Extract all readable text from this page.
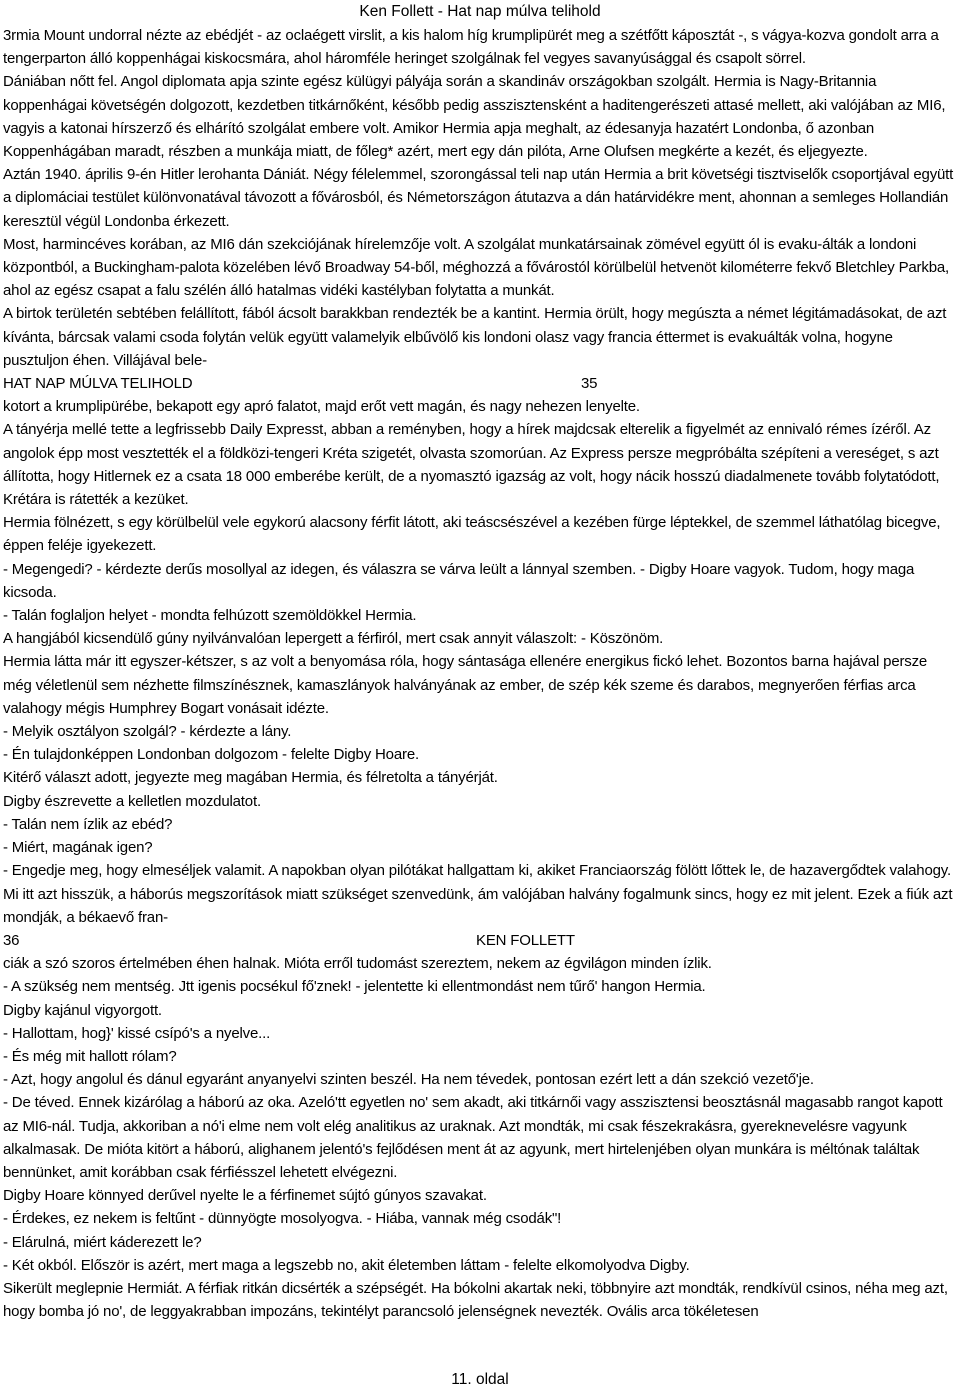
Ken Follett - Hat nap múlva telihold

3rmia Mount undorral nézte az ebédjét - az oclaégett virslit, a kis halom híg krumplipürét meg a szétfőtt káposztát -, s vágya-kozva gondolt arra a tengerparton álló koppenhágai kiskocsmára, ahol háromféle heringet szolgálnak fel vegyes savanyúsággal és csapolt sörrel.

Dániában nőtt fel. Angol diplomata apja szinte egész külügyi pályája során a skandináv országokban szolgált. Hermia is Nagy-Britannia koppenhágai követségén dolgozott, kezdetben titkárnőként, később pedig asszisztensként a haditengerészeti attasé mellett, aki valójában az MI6, vagyis a katonai hírszerző és elhárító szolgálat embere volt. Amikor Hermia apja meghalt, az édesanyja hazatért Londonba, ő azonban Koppenhágában maradt, részben a munkája miatt, de főleg* azért, mert egy dán pilóta, Arne Olufsen megkérte a kezét, és eljegyezte.

Aztán 1940. április 9-én Hitler lerohanta Dániát. Négy félelemmel, szorongással teli nap után Hermia a brit követségi tisztviselők csoportjával együtt a diplomáciai testület különvonatával távozott a fővárosból, és Németországon átutazva a dán határvidékre ment, ahonnan a semleges Hollandián keresztül végül Londonba érkezett.

Most, harmincéves korában, az MI6 dán szekciójának hírelemzője volt. A szolgálat munkatársainak zömével együtt ól is evaku-álták a londoni központból, a Buckingham-palota közelében lévő Broadway 54-ből, méghozzá a fővárostól körülbelül hetvenöt kilométerre fekvő Bletchley Parkba, ahol az egész csapat a falu szélén álló hatalmas vidéki kastélyban folytatta a munkát.

A birtok területén sebtében felállított, fából ácsolt barakkban rendezték be a kantint. Hermia örült, hogy megúszta a német légitámadásokat, de azt kívánta, bárcsak valami csoda folytán velük együtt valamelyik elbűvölő kis londoni olasz vagy francia éttermet is evakuálták volna, hogyne pusztuljon éhen. Villájával bele-

HAT NAP MÚLVA TELIHOLD	35

kotort a krumplipürébe, bekapott egy apró falatot, majd erőt vett magán, és nagy nehezen lenyelte.

A tányérja mellé tette a legfrissebb Daily Expresst, abban a reményben, hogy a hírek majdcsak elterelik a figyelmét az ennivaló rémes ízéről. Az angolok épp most vesztették el a földközi-tengeri Kréta szigetét, olvasta szomorúan. Az Express persze megpróbálta szépíteni a vereséget, s azt állította, hogy Hitlernek ez a csata 18 000 emberébe került, de a nyomasztó igazság az volt, hogy nácik hosszú diadalmenete tovább folytatódott, Krétára is rátették a kezüket.

Hermia fölnézett, s egy körülbelül vele egykorú alacsony férfit látott, aki teáscsészével a kezében fürge léptekkel, de szemmel láthatólag bicegve, éppen feléje igyekezett.

- Megengedi? - kérdezte derűs mosollyal az idegen, és válaszra se várva leült a lánnyal szemben. - Digby Hoare vagyok. Tudom, hogy maga kicsoda.

- Talán foglaljon helyet - mondta felhúzott szemöldökkel Hermia.

A hangjából kicsendülő gúny nyilvánvalóan lepergett a férfiról, mert csak annyit válaszolt: - Köszönöm.

Hermia látta már itt egyszer-kétszer, s az volt a benyomása róla, hogy sántasága ellenére energikus fickó lehet. Bozontos barna hajával persze még véletlenül sem nézhette filmszínésznek, kamaszlányok halványának az ember, de szép kék szeme és darabos, megnyerően férfias arca valahogy mégis Humphrey Bogart vonásait idézte.

- Melyik osztályon szolgál? - kérdezte a lány.

- Én tulajdonképpen Londonban dolgozom - felelte Digby Hoare.

Kitérő választ adott, jegyezte meg magában Hermia, és félretolta a tányérját.

Digby észrevette a kelletlen mozdulatot.

- Talán nem ízlik az ebéd?

- Miért, magának igen?

- Engedje meg, hogy elmeséljek valamit. A napokban olyan pilótákat hallgattam ki, akiket Franciaország fölött lőttek le, de hazavergődtek valahogy. Mi itt azt hisszük, a háborús megszorítások miatt szükséget szenvedünk, ám valójában halvány fogalmunk sincs, hogy ez mit jelent. Ezek a fiúk azt mondják, a békaevő fran-

36	KEN FOLLETT

ciák a szó szoros értelmében éhen halnak. Mióta erről tudomást szereztem, nekem az égvilágon minden ízlik.

- A szükség nem mentség. Jtt igenis pocsékul fő'znek! - jelentette ki ellentmondást nem tűrő' hangon Hermia.

Digby kajánul vigyorgott.

- Hallottam, hog}' kissé csípó's a nyelve...

- És még mit hallott rólam?

- Azt, hogy angolul és dánul egyaránt anyanyelvi szinten beszél. Ha nem tévedek, pontosan ezért lett a dán szekció vezető'je.

- De téved. Ennek kizárólag a háború az oka. Azeló'tt egyetlen no' sem akadt, aki titkárnői vagy asszisztensi beosztásnál magasabb rangot kapott az MI6-nál. Tudja, akkoriban a nó'i elme nem volt elég analitikus az uraknak. Azt mondták, mi csak fészekrakásra, gyereknevelésre vagyunk alkalmasak. De mióta kitört a háború, alighanem jelentó's fejlődésen ment át az agyunk, mert hirtelenjében olyan munkára is méltónak találtak bennünket, amit korábban csak férfiésszel lehetett elvégezni.

Digby Hoare könnyed derűvel nyelte le a férfinemet sújtó gúnyos szavakat.

- Érdekes, ez nekem is feltűnt - dünnyögte mosolyogva. - Hiába, vannak még csodák"!

- Elárulná, miért káderezett le?

- Két okból. Először is azért, mert maga a legszebb no, akit életemben láttam - felelte elkomolyodva Digby.

Sikerült meglepnie Hermiát. A férfiak ritkán dicsérték a szépségét. Ha bókolni akartak neki, többnyire azt mondták, rendkívül csinos, néha meg azt, hogy bomba jó no', de leggyakrabban impozáns, tekintélyt parancsoló jelenségnek nevezték. Ovális arca tökéletesen

11. oldal
